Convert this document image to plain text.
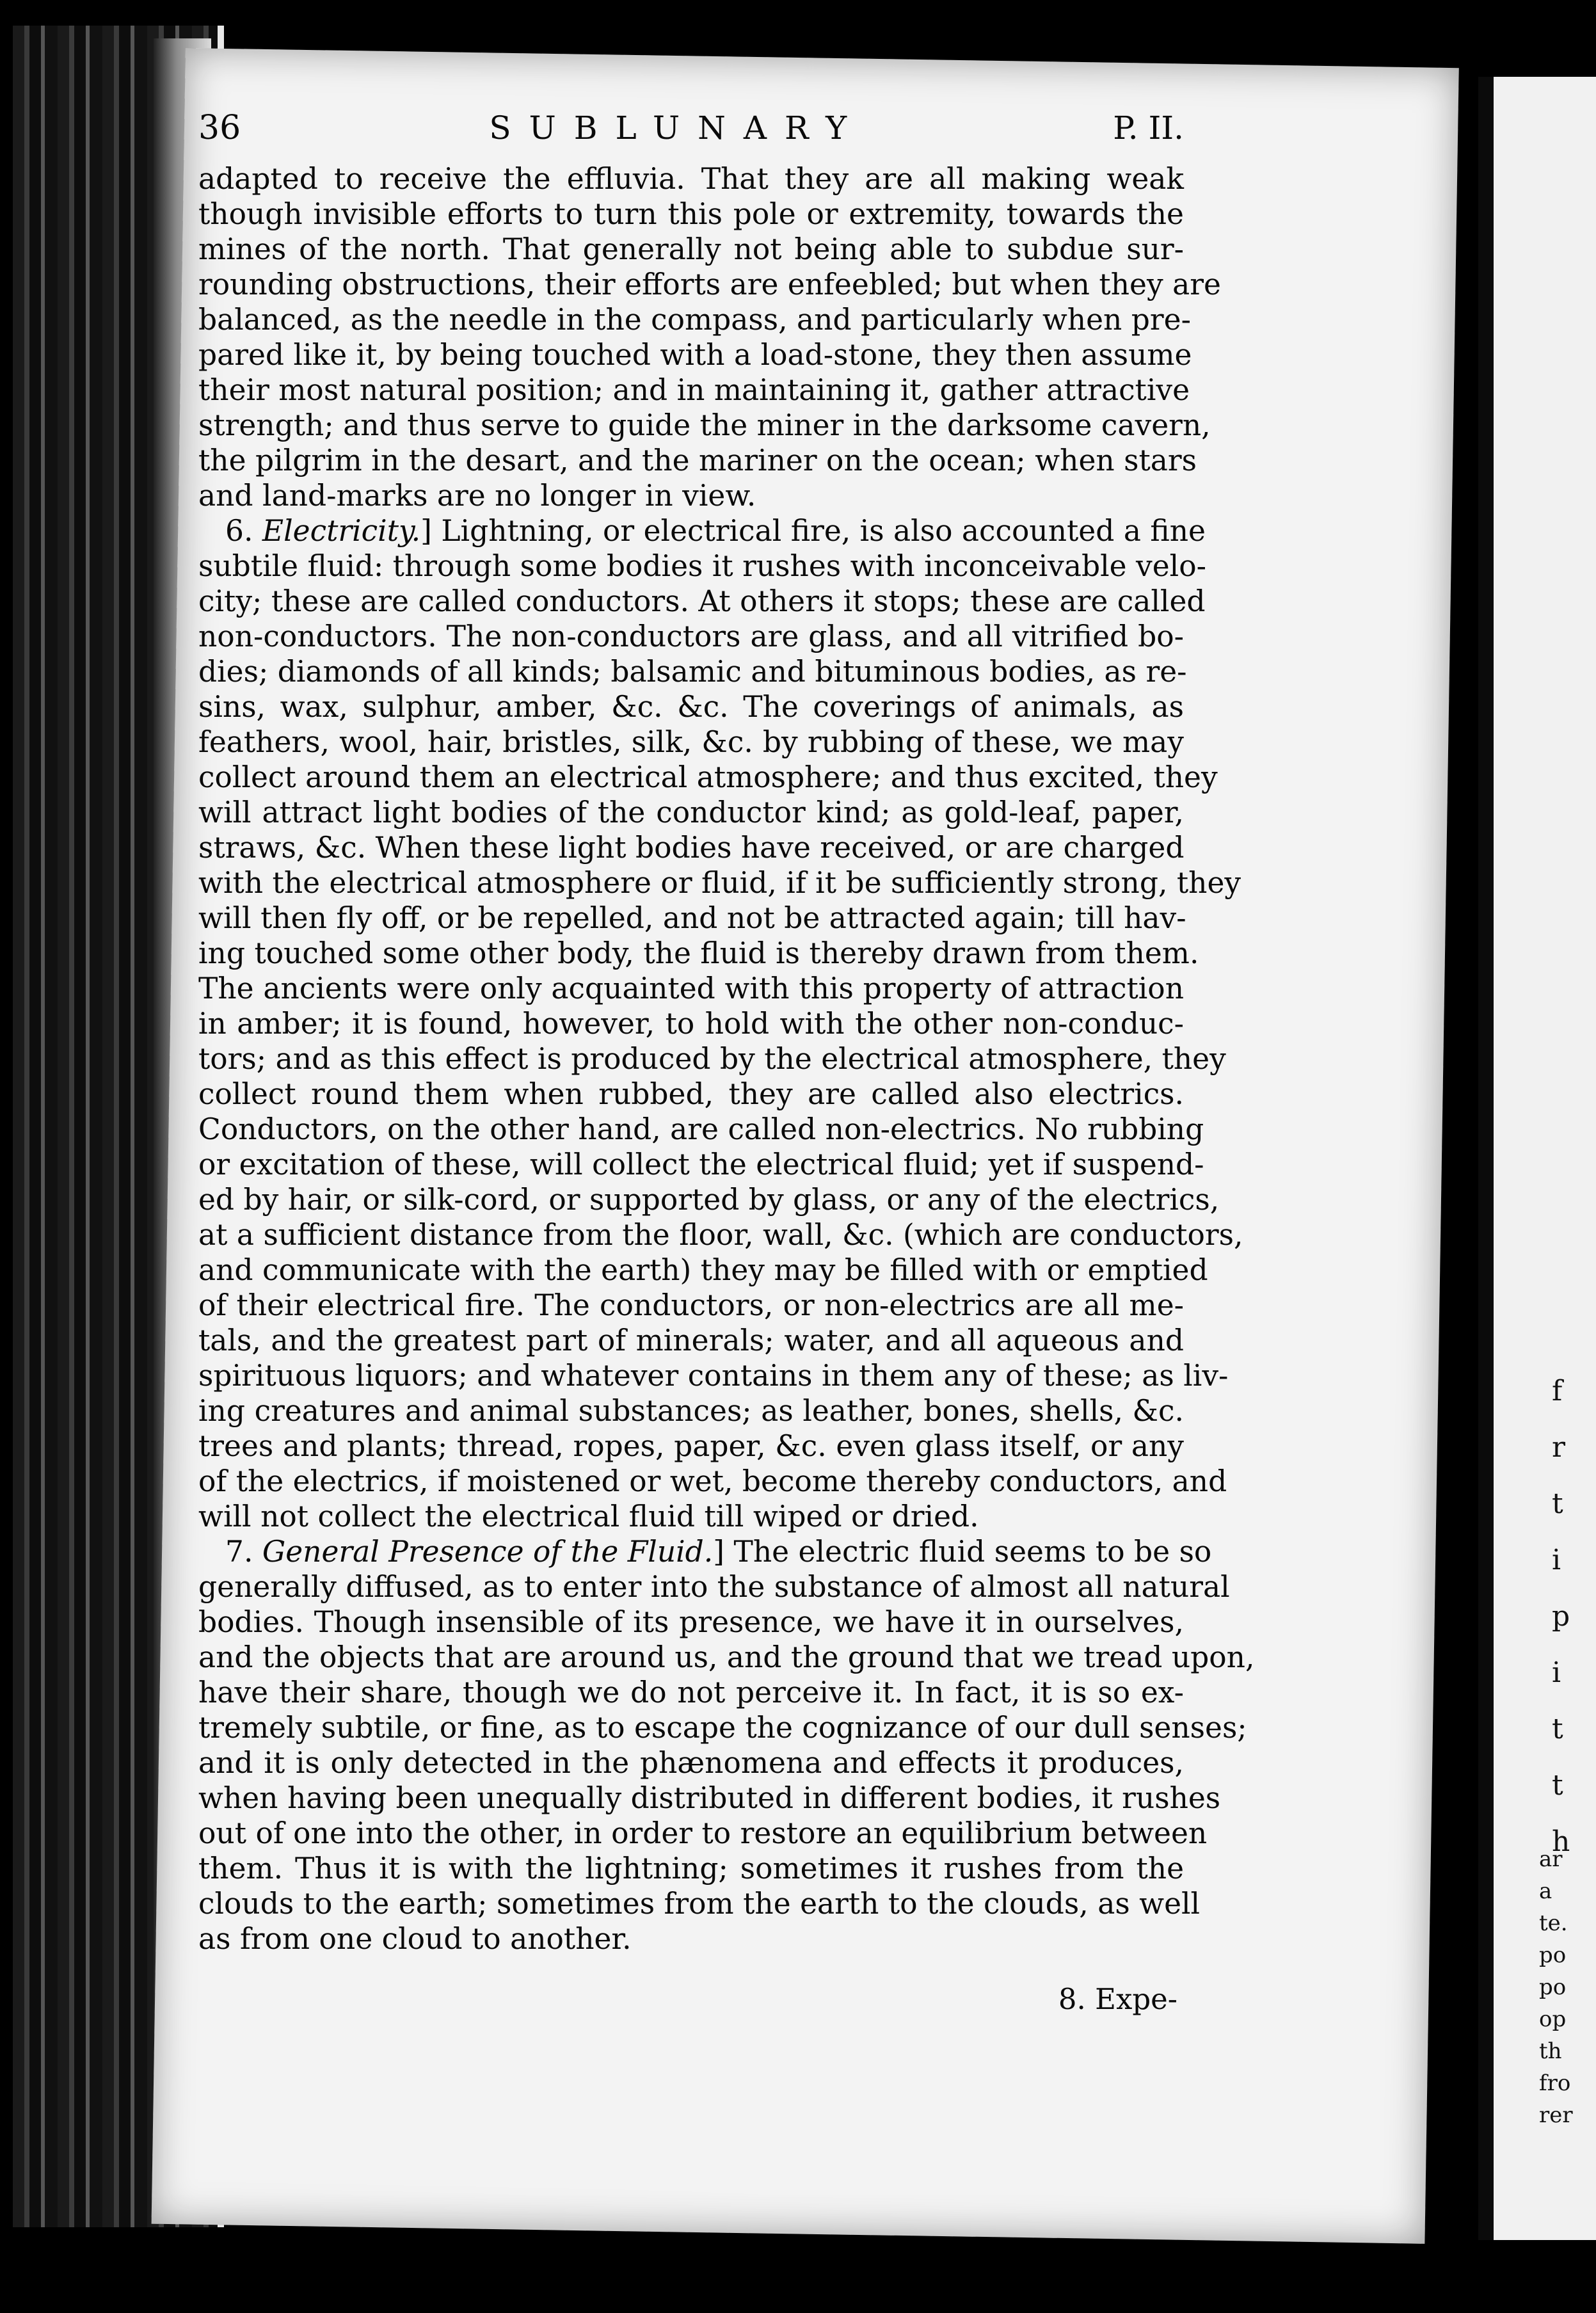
f
r
t
i
p
i
t
t
h
ar
a
te.
po
po
op
th
fro
rer
36	SUBLUNARY	P. II.
adapted to receive the effluvia. That they are all making weak
though invisible efforts to turn this pole or extremity, towards the
mines of the north. That generally not being able to subdue sur-
rounding obstructions, their efforts are enfeebled; but when they are
balanced, as the needle in the compass, and particularly when pre-
pared like it, by being touched with a load-stone, they then assume
their most natural position; and in maintaining it, gather attractive
strength; and thus serve to guide the miner in the darksome cavern,
the pilgrim in the desart, and the mariner on the ocean; when stars
and land-marks are no longer in view.
6. Electricity.] Lightning, or electrical fire, is also accounted a fine
subtile fluid: through some bodies it rushes with inconceivable velo-
city; these are called conductors. At others it stops; these are called
non-conductors. The non-conductors are glass, and all vitrified bo-
dies; diamonds of all kinds; balsamic and bituminous bodies, as re-
sins, wax, sulphur, amber, &c. &c. The coverings of animals, as
feathers, wool, hair, bristles, silk, &c. by rubbing of these, we may
collect around them an electrical atmosphere; and thus excited, they
will attract light bodies of the conductor kind; as gold-leaf, paper,
straws, &c. When these light bodies have received, or are charged
with the electrical atmosphere or fluid, if it be sufficiently strong, they
will then fly off, or be repelled, and not be attracted again; till hav-
ing touched some other body, the fluid is thereby drawn from them.
The ancients were only acquainted with this property of attraction
in amber; it is found, however, to hold with the other non-conduc-
tors; and as this effect is produced by the electrical atmosphere, they
collect round them when rubbed, they are called also electrics.
Conductors, on the other hand, are called non-electrics. No rubbing
or excitation of these, will collect the electrical fluid; yet if suspend-
ed by hair, or silk-cord, or supported by glass, or any of the electrics,
at a sufficient distance from the floor, wall, &c. (which are conductors,
and communicate with the earth) they may be filled with or emptied
of their electrical fire. The conductors, or non-electrics are all me-
tals, and the greatest part of minerals; water, and all aqueous and
spirituous liquors; and whatever contains in them any of these; as liv-
ing creatures and animal substances; as leather, bones, shells, &c.
trees and plants; thread, ropes, paper, &c. even glass itself, or any
of the electrics, if moistened or wet, become thereby conductors, and
will not collect the electrical fluid till wiped or dried.
7. General Presence of the Fluid.] The electric fluid seems to be so
generally diffused, as to enter into the substance of almost all natural
bodies. Though insensible of its presence, we have it in ourselves,
and the objects that are around us, and the ground that we tread upon,
have their share, though we do not perceive it. In fact, it is so ex-
tremely subtile, or fine, as to escape the cognizance of our dull senses;
and it is only detected in the phænomena and effects it produces,
when having been unequally distributed in different bodies, it rushes
out of one into the other, in order to restore an equilibrium between
them. Thus it is with the lightning; sometimes it rushes from the
clouds to the earth; sometimes from the earth to the clouds, as well
as from one cloud to another.
8. Expe-
